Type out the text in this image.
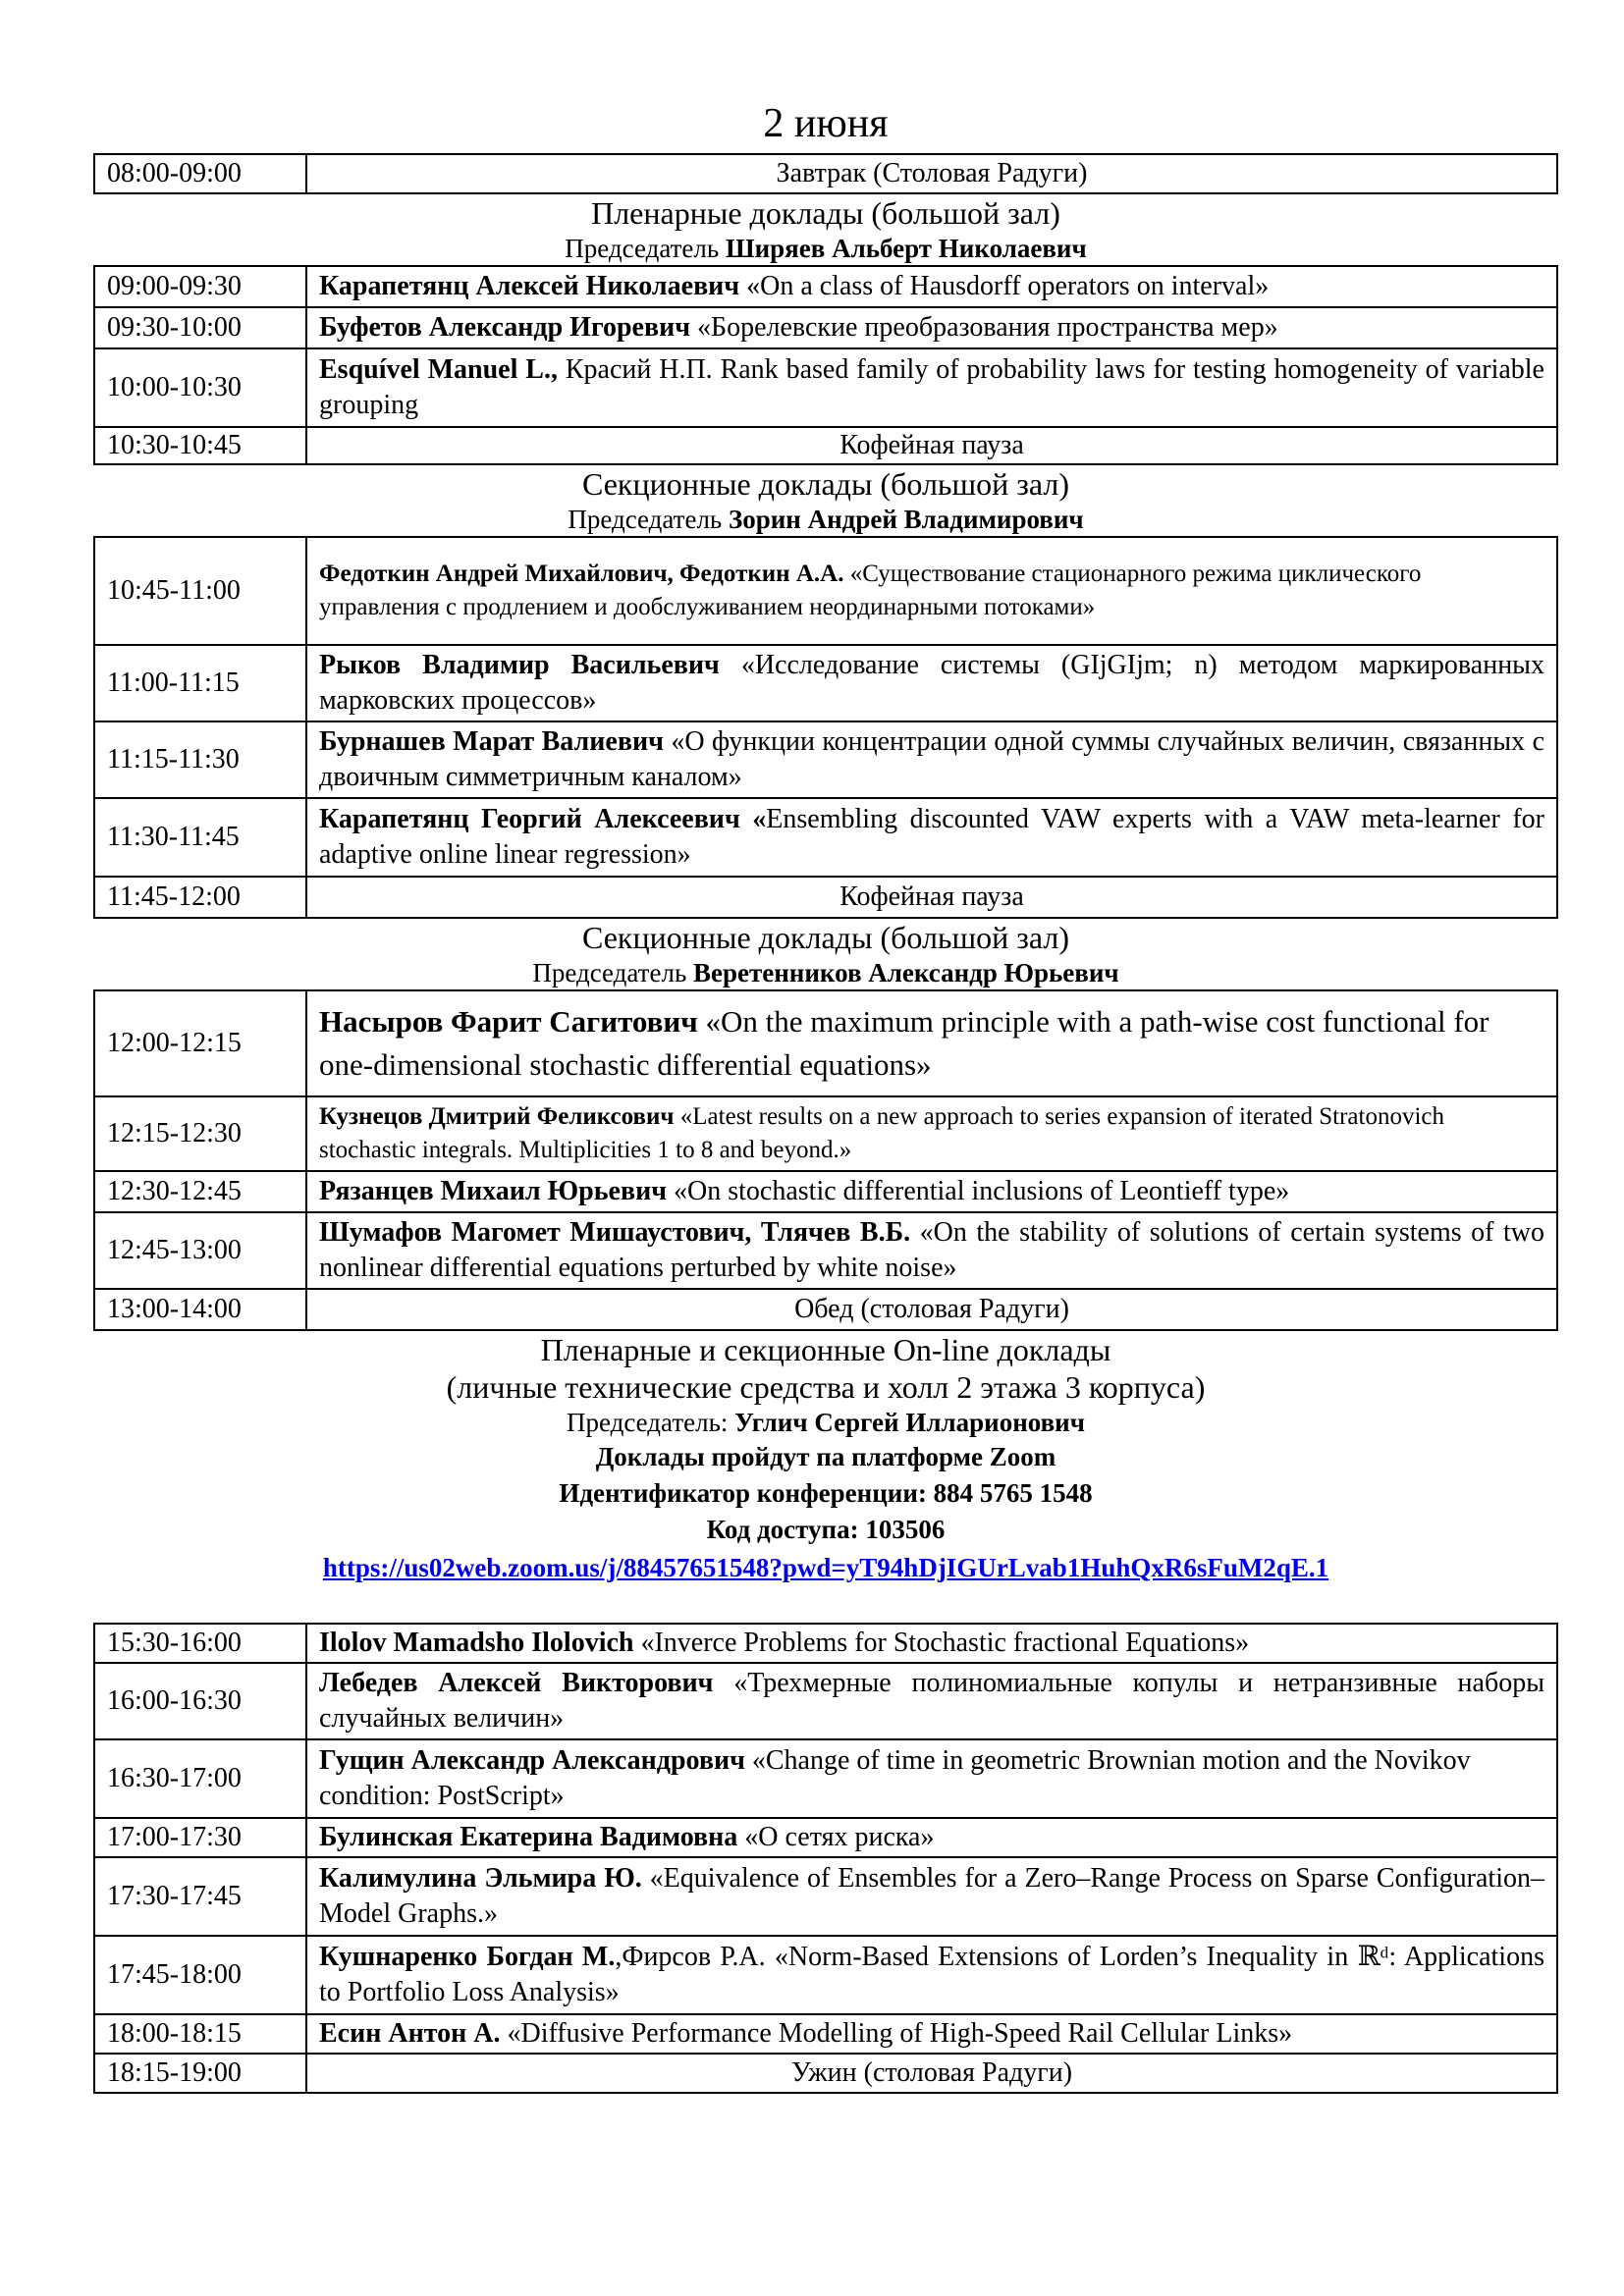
2 июня
08:00-09:00	Завтрак (Столовая Радуги)
Пленарные доклады (большой зал)
Председатель Ширяев Альберт Николаевич
09:00-09:30	Карапетянц Алексей Николаевич «On a class of Hausdorff operators on interval»
09:30-10:00	Буфетов Александр Игоревич «Борелевские преобразования пространства мер»
10:00-10:30	Esquível Manuel L., Красий Н.П. Rank based family of probability laws for testing homogeneity of variable grouping
10:30-10:45	Кофейная пауза
Секционные доклады (большой зал)
Председатель Зорин Андрей Владимирович
10:45-11:00	Федоткин Андрей Михайлович, Федоткин А.А. «Существование стационарного режима циклического управления с продлением и дообслуживанием неординарными потоками»
11:00-11:15	Рыков Владимир Васильевич «Исследование системы (GIjGIjm; n) методом маркированных марковских процессов»
11:15-11:30	Бурнашев Марат Валиевич «О функции концентрации одной суммы случайных величин, связанных с двоичным симметричным каналом»
11:30-11:45	Карапетянц Георгий Алексеевич «Ensembling discounted VAW experts with a VAW meta-learner for adaptive online linear regression»
11:45-12:00	Кофейная пауза
Секционные доклады (большой зал)
Председатель Веретенников Александр Юрьевич
12:00-12:15	Насыров Фарит Сагитович «On the maximum principle with a path-wise cost functional for one-dimensional stochastic differential equations»
12:15-12:30	Кузнецов Дмитрий Феликсович «Latest results on a new approach to series expansion of iterated Stratonovich stochastic integrals. Multiplicities 1 to 8 and beyond.»
12:30-12:45	Рязанцев Михаил Юрьевич «On stochastic differential inclusions of Leontieff type»
12:45-13:00	Шумафов Магомет Мишаустович, Тлячев В.Б. «On the stability of solutions of certain systems of two nonlinear differential equations perturbed by white noise»
13:00-14:00	Обед (столовая Радуги)
Пленарные и секционные On-line доклады
(личные технические средства и холл 2 этажа 3 корпуса)
Председатель: Углич Сергей Илларионович
Доклады пройдут па платформе Zoom
Идентификатор конференции: 884 5765 1548
Код доступа: 103506
https://us02web.zoom.us/j/88457651548?pwd=yT94hDjIGUrLvab1HuhQxR6sFuM2qE.1
15:30-16:00	Ilolov Mamadsho Ilolovich «Inverce Problems for Stochastic fractional Equations»
16:00-16:30	Лебедев Алексей Викторович «Трехмерные полиномиальные копулы и нетранзивные наборы случайных величин»
16:30-17:00	Гущин Александр Александрович «Change of time in geometric Brownian motion and the Novikov condition: PostScript»
17:00-17:30	Булинская Екатерина Вадимовна «О сетях риска»
17:30-17:45	Калимулина Эльмира Ю. «Equivalence of Ensembles for a Zero–Range Process on Sparse Configuration– Model Graphs.»
17:45-18:00	Кушнаренко Богдан М.,Фирсов Р.А. «Norm-Based Extensions of Lorden’s Inequality in ℝᵈ: Applications to Portfolio Loss Analysis»
18:00-18:15	Есин Антон А. «Diffusive Performance Modelling of High-Speed Rail Cellular Links»
18:15-19:00	Ужин (столовая Радуги)
